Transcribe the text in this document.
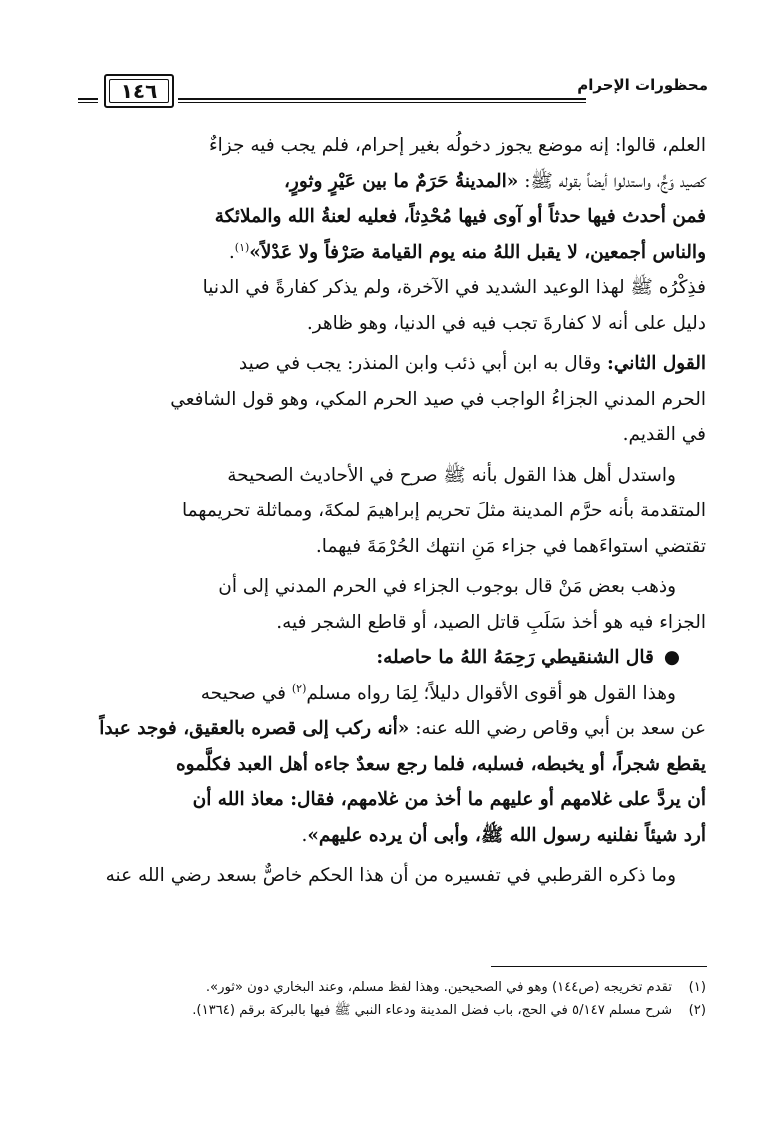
محظورات الإحرام
١٤٦

العلم، قالوا: إنه موضع يجوز دخولُه بغير إحرام، فلم يجب فيه جزاءٌ

كصيد وَجٍّ، واستدلوا أيضاً بقوله ﷺ: «المدينةُ حَرَمٌ ما بين عَيْرٍ وثورٍ،

فمن أحدث فيها حدثاً أو آوى فيها مُحْدِثاً، فعليه لعنةُ الله والملائكة

والناس أجمعين، لا يقبل اللهُ منه يوم القيامة صَرْفاً ولا عَدْلاً»$^{(١)}$.

فذِكْرُه ﷺ لهذا الوعيد الشديد في الآخرة، ولم يذكر كفارةً في الدنيا

دليل على أنه لا كفارةَ تجب فيه في الدنيا، وهو ظاهر.

القول الثاني: وقال به ابن أبي ذئب وابن المنذر: يجب في صيد

الحرم المدني الجزاءُ الواجب في صيد الحرم المكي، وهو قول الشافعي

في القديم.

واستدل أهل هذا القول بأنه ﷺ صرح في الأحاديث الصحيحة

المتقدمة بأنه حرَّم المدينة مثلَ تحريم إبراهيمَ لمكةَ، ومماثلة تحريمهما

تقتضي استواءَهما في جزاء مَنِ انتهك الحُرْمَةَ فيهما.

وذهب بعض مَنْ قال بوجوب الجزاء في الحرم المدني إلى أن

الجزاء فيه هو أخذ سَلَبِ قاتل الصيد، أو قاطع الشجر فيه.

●قال الشنقيطي رَحِمَهُ اللهُ ما حاصله:

وهذا القول هو أقوى الأقوال دليلاً؛ لِمَا رواه مسلم$^{(٢)}$ في صحيحه

عن سعد بن أبي وقاص رضي الله عنه: «أنه ركب إلى قصره بالعقيق، فوجد عبداً

يقطع شجراً، أو يخبطه، فسلبه، فلما رجع سعدٌ جاءه أهل العبد فكلَّموه

أن يردَّ على غلامهم أو عليهم ما أخذ من غلامهم، فقال: معاذ الله أن

أرد شيئاً نفلنيه رسول الله ﷺ، وأبى أن يرده عليهم».

وما ذكره القرطبي في تفسيره من أن هذا الحكم خاصٌّ بسعد رضي الله عنه

(١)
تقدم تخريجه (ص١٤٤) وهو في الصحيحين. وهذا لفظ مسلم، وعند البخاري دون «ثور».
(٢)
شرح مسلم ٥/١٤٧ في الحج، باب فضل المدينة ودعاء النبي ﷺ فيها بالبركة برقم (١٣٦٤).
